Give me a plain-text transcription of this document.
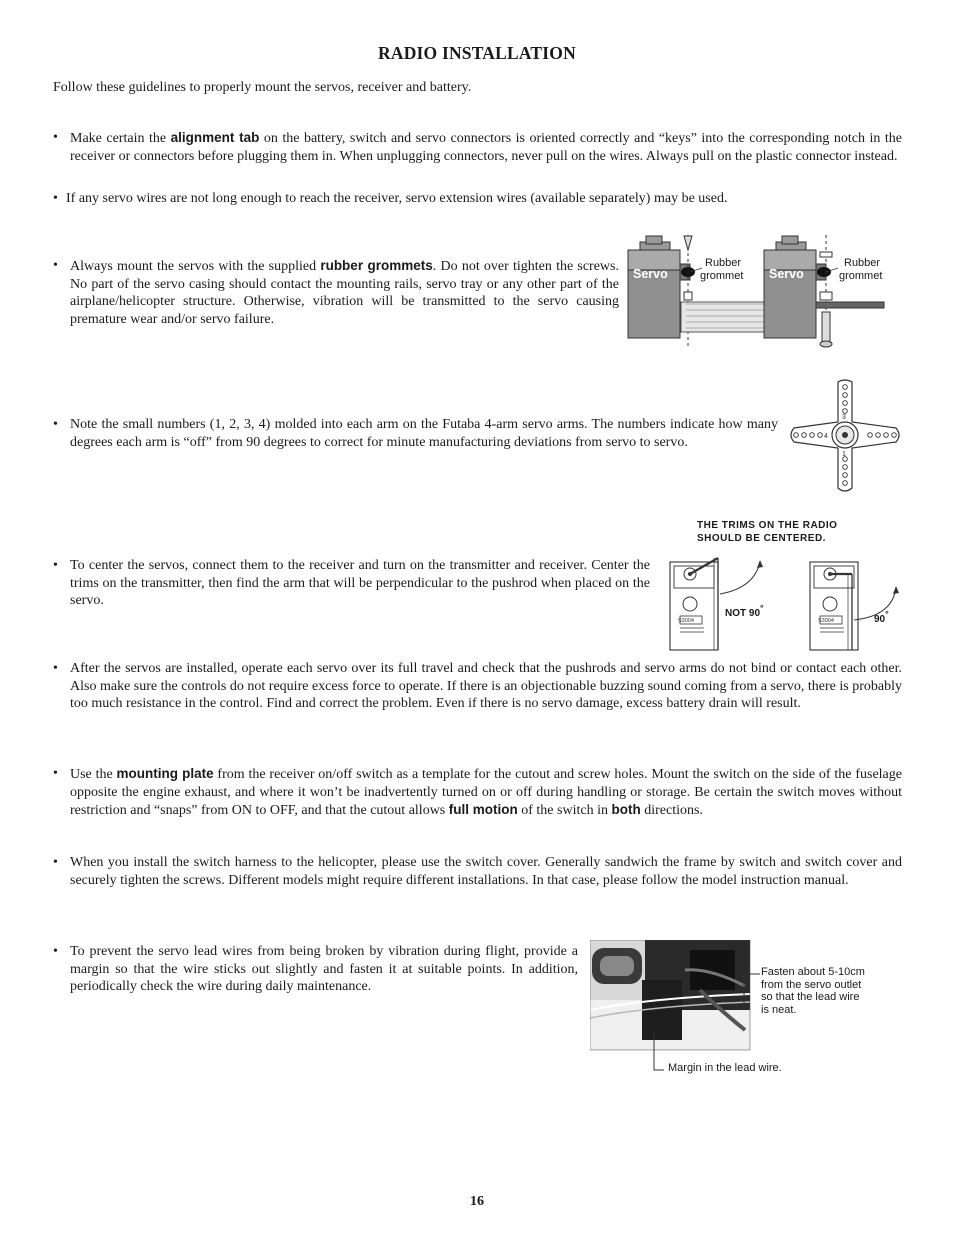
RADIO INSTALLATION
Follow these guidelines to properly mount the servos, receiver and battery.
• Make certain the alignment tab on the battery, switch and servo connectors is oriented correctly and “keys” into the corresponding notch in the receiver or connectors before plugging them in. When unplugging connectors, never pull on the wires. Always pull on the plastic connector instead.
• If any servo wires are not long enough to reach the receiver, servo extension wires (available separately) may be used.
• Always mount the servos with the supplied rubber grommets. Do not over tighten the screws. No part of the servo casing should contact the mounting rails, servo tray or any other part of the airplane/helicopter structure. Otherwise, vibration will be transmitted to the servo causing premature wear and/or servo failure.
Servo
Rubber
grommet Servo
Rubber
grommet
• Note the small numbers (1, 2, 3, 4) molded into each arm on the Futaba 4-arm servo arms. The numbers indicate how many degrees each arm is “off” from 90 degrees to correct for minute manufacturing deviations from servo to servo.
3
4
1
THE TRIMS ON THE RADIO
SHOULD BE CENTERED.
S3004
NOT 90°
S3004	90°
• To center the servos, connect them to the receiver and turn on the transmitter and receiver. Center the trims on the transmitter, then find the arm that will be perpendicular to the pushrod when placed on the servo.
• After the servos are installed, operate each servo over its full travel and check that the pushrods and servo arms do not bind or contact each other. Also make sure the controls do not require excess force to operate. If there is an objectionable buzzing sound coming from a servo, there is probably too much resistance in the control. Find and correct the problem. Even if there is no servo damage, excess battery drain will result.
• Use the mounting plate from the receiver on/off switch as a template for the cutout and screw holes. Mount the switch on the side of the fuselage opposite the engine exhaust, and where it won’t be inadvertently turned on or off during handling or storage. Be certain the switch moves without restriction and “snaps” from ON to OFF, and that the cutout allows full motion of the switch in both directions.
• When you install the switch harness to the helicopter, please use the switch cover. Generally sandwich the frame by switch and switch cover and securely tighten the screws. Different models might require different installations. In that case, please follow the model instruction manual.
• To prevent the servo lead wires from being broken by vibration during flight, provide a margin so that the wire sticks out slightly and fasten it at suitable points. In addition, periodically check the wire during daily maintenance.
Fasten about 5-10cm
from the servo outlet
so that the lead wire
is neat.
Margin in the lead wire.
16
